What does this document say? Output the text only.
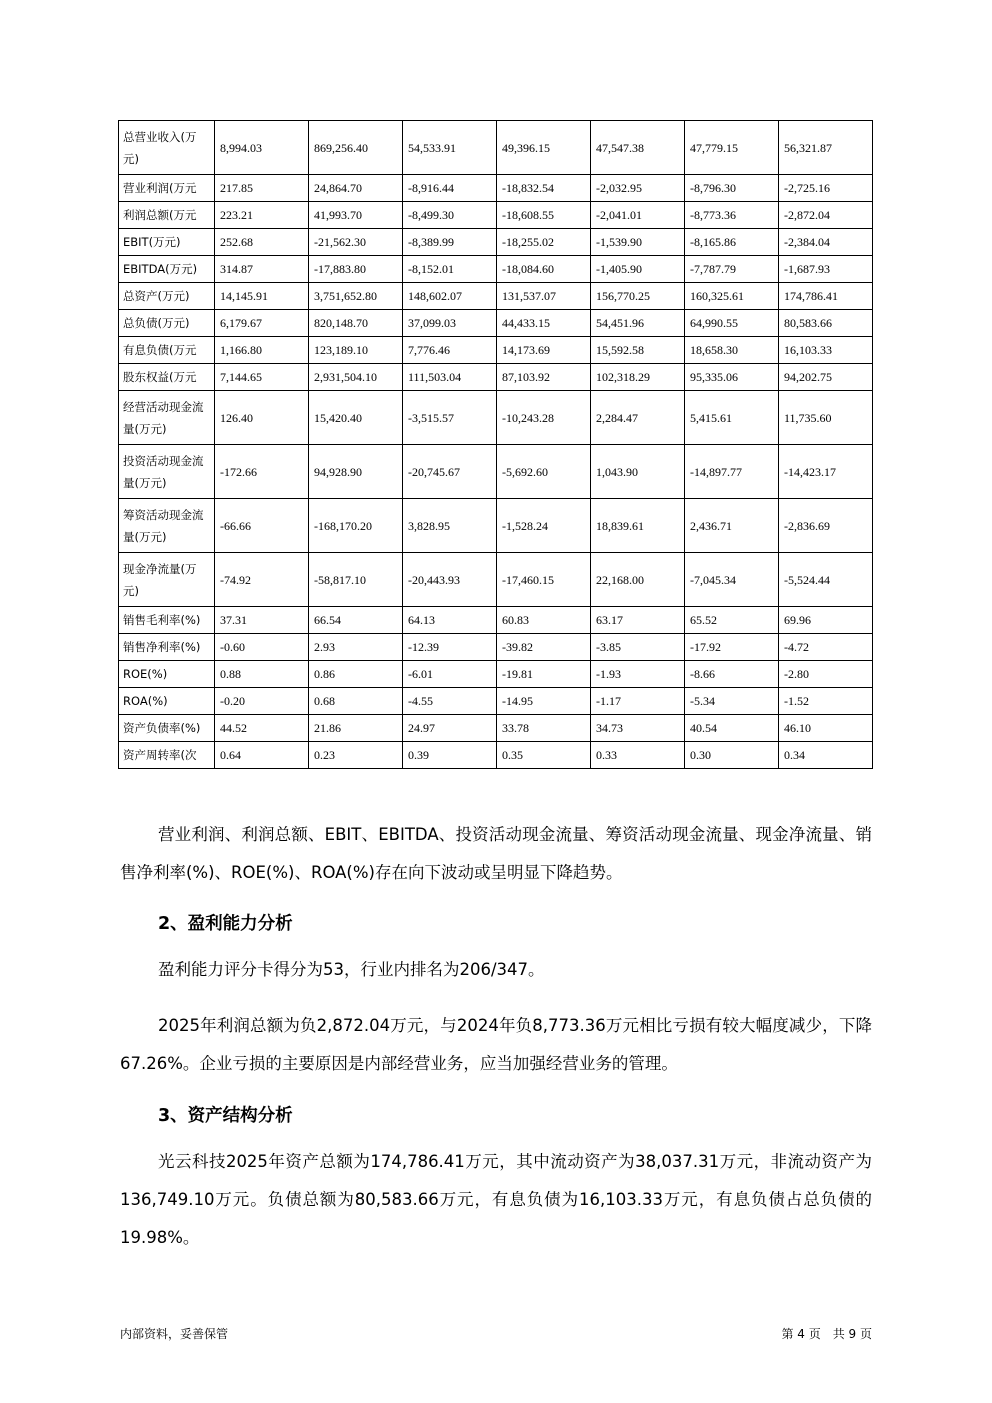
总营业收入(万元)	8,994.03	869,256.40	54,533.91	49,396.15	47,547.38	47,779.15	56,321.87
营业利润(万元	217.85	24,864.70	-8,916.44	-18,832.54	-2,032.95	-8,796.30	-2,725.16
利润总额(万元	223.21	41,993.70	-8,499.30	-18,608.55	-2,041.01	-8,773.36	-2,872.04
EBIT(万元)	252.68	-21,562.30	-8,389.99	-18,255.02	-1,539.90	-8,165.86	-2,384.04
EBITDA(万元)	314.87	-17,883.80	-8,152.01	-18,084.60	-1,405.90	-7,787.79	-1,687.93
总资产(万元)	14,145.91	3,751,652.80	148,602.07	131,537.07	156,770.25	160,325.61	174,786.41
总负债(万元)	6,179.67	820,148.70	37,099.03	44,433.15	54,451.96	64,990.55	80,583.66
有息负债(万元	1,166.80	123,189.10	7,776.46	14,173.69	15,592.58	18,658.30	16,103.33
股东权益(万元	7,144.65	2,931,504.10	111,503.04	87,103.92	102,318.29	95,335.06	94,202.75
经营活动现金流量(万元)	126.40	15,420.40	-3,515.57	-10,243.28	2,284.47	5,415.61	11,735.60
投资活动现金流量(万元)	-172.66	94,928.90	-20,745.67	-5,692.60	1,043.90	-14,897.77	-14,423.17
筹资活动现金流量(万元)	-66.66	-168,170.20	3,828.95	-1,528.24	18,839.61	2,436.71	-2,836.69
现金净流量(万元)	-74.92	-58,817.10	-20,443.93	-17,460.15	22,168.00	-7,045.34	-5,524.44
销售毛利率(%)	37.31	66.54	64.13	60.83	63.17	65.52	69.96
销售净利率(%)	-0.60	2.93	-12.39	-39.82	-3.85	-17.92	-4.72
ROE(%)	0.88	0.86	-6.01	-19.81	-1.93	-8.66	-2.80
ROA(%)	-0.20	0.68	-4.55	-14.95	-1.17	-5.34	-1.52
资产负债率(%)	44.52	21.86	24.97	33.78	34.73	40.54	46.10
资产周转率(次	0.64	0.23	0.39	0.35	0.33	0.30	0.34

营业利润、利润总额、EBIT、EBITDA、投资活动现金流量、筹资活动现金流量、现金净流量、销售净利率(%)、ROE(%)、ROA(%)存在向下波动或呈明显下降趋势。

2、盈利能力分析

盈利能力评分卡得分为53，行业内排名为206/347。

2025年利润总额为负2,872.04万元，与2024年负8,773.36万元相比亏损有较大幅度减少，下降67.26%。企业亏损的主要原因是内部经营业务，应当加强经营业务的管理。

3、资产结构分析

光云科技2025年资产总额为174,786.41万元，其中流动资产为38,037.31万元，非流动资产为136,749.10万元。负债总额为80,583.66万元，有息负债为16,103.33万元，有息负债占总负债的19.98%。

内部资料，妥善保管	第 4 页　共 9 页
